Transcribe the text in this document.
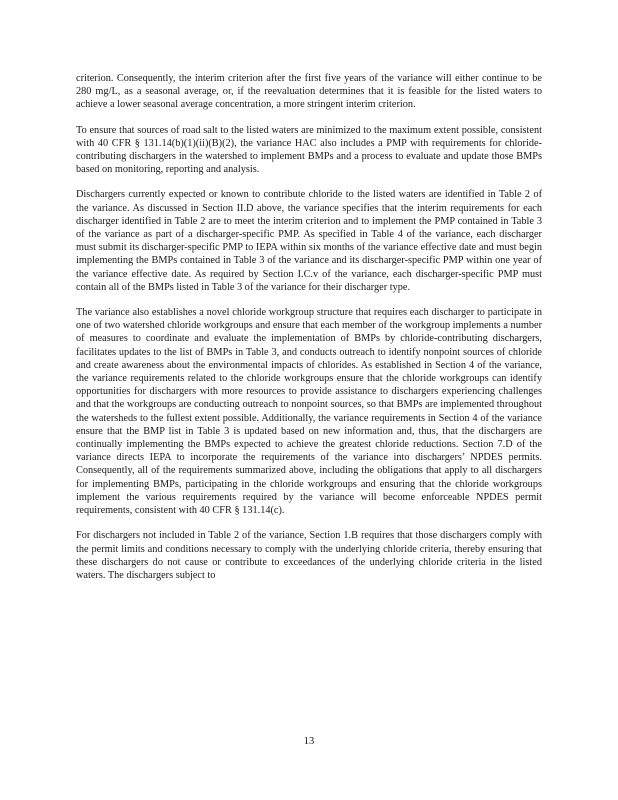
criterion. Consequently, the interim criterion after the first five years of the variance will either continue to be 280 mg/L, as a seasonal average, or, if the reevaluation determines that it is feasible for the listed waters to achieve a lower seasonal average concentration, a more stringent interim criterion.

To ensure that sources of road salt to the listed waters are minimized to the maximum extent possible, consistent with 40 CFR § 131.14(b)(1)(ii)(B)(2), the variance HAC also includes a PMP with requirements for chloride-contributing dischargers in the watershed to implement BMPs and a process to evaluate and update those BMPs based on monitoring, reporting and analysis.

Dischargers currently expected or known to contribute chloride to the listed waters are identified in Table 2 of the variance. As discussed in Section II.D above, the variance specifies that the interim requirements for each discharger identified in Table 2 are to meet the interim criterion and to implement the PMP contained in Table 3 of the variance as part of a discharger-specific PMP. As specified in Table 4 of the variance, each discharger must submit its discharger-specific PMP to IEPA within six months of the variance effective date and must begin implementing the BMPs contained in Table 3 of the variance and its discharger-specific PMP within one year of the variance effective date. As required by Section I.C.v of the variance, each discharger-specific PMP must contain all of the BMPs listed in Table 3 of the variance for their discharger type.

The variance also establishes a novel chloride workgroup structure that requires each discharger to participate in one of two watershed chloride workgroups and ensure that each member of the workgroup implements a number of measures to coordinate and evaluate the implementation of BMPs by chloride-contributing dischargers, facilitates updates to the list of BMPs in Table 3, and conducts outreach to identify nonpoint sources of chloride and create awareness about the environmental impacts of chlorides. As established in Section 4 of the variance, the variance requirements related to the chloride workgroups ensure that the chloride workgroups can identify opportunities for dischargers with more resources to provide assistance to dischargers experiencing challenges and that the workgroups are conducting outreach to nonpoint sources, so that BMPs are implemented throughout the watersheds to the fullest extent possible. Additionally, the variance requirements in Section 4 of the variance ensure that the BMP list in Table 3 is updated based on new information and, thus, that the dischargers are continually implementing the BMPs expected to achieve the greatest chloride reductions. Section 7.D of the variance directs IEPA to incorporate the requirements of the variance into dischargers’ NPDES permits. Consequently, all of the requirements summarized above, including the obligations that apply to all dischargers for implementing BMPs, participating in the chloride workgroups and ensuring that the chloride workgroups implement the various requirements required by the variance will become enforceable NPDES permit requirements, consistent with 40 CFR § 131.14(c).

For dischargers not included in Table 2 of the variance, Section 1.B requires that those dischargers comply with the permit limits and conditions necessary to comply with the underlying chloride criteria, thereby ensuring that these dischargers do not cause or contribute to exceedances of the underlying chloride criteria in the listed waters. The dischargers subject to

13
